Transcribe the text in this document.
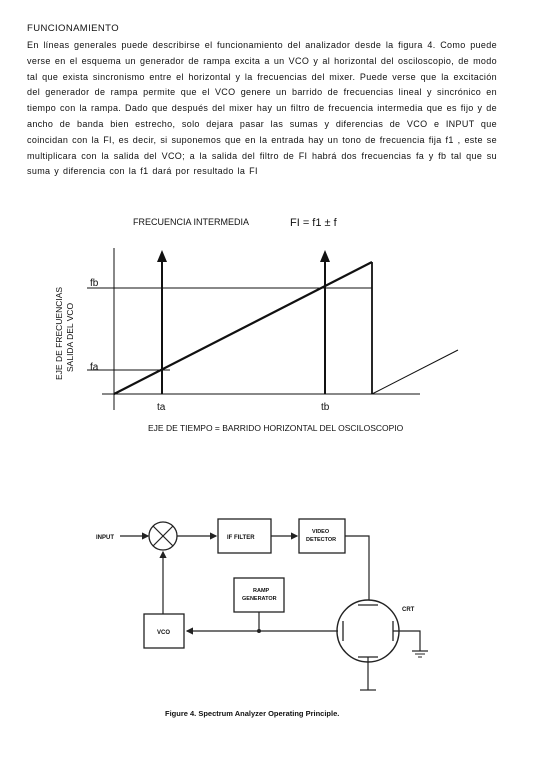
FUNCIONAMIENTO
En líneas generales puede describirse el funcionamiento del analizador desde la figura 4. Como puede verse en el esquema un generador de rampa excita a un VCO y al horizontal del osciloscopio, de modo tal que exista sincronismo entre el horizontal y la frecuencias del mixer. Puede verse que la excitación del generador de rampa permite que el VCO genere un barrido de frecuencias lineal y sincrónico en tiempo con la rampa. Dado que después del mixer hay un filtro de frecuencia intermedia que es fijo y de ancho de banda bien estrecho, solo dejara pasar las sumas y diferencias de VCO e INPUT que coincidan con la FI, es decir, si suponemos que en la entrada hay un tono de frecuencia fija f1 , este se multiplicara con la salida del VCO; a la salida del filtro de FI habrá dos frecuencias fa y fb tal que su suma y diferencia con la f1 dará por resultado la FI
FRECUENCIA INTERMEDIA	FI = f1 ± f
EJE DE FRECUENCIAS SALIDA DEL VCO
fb
fa
ta	tb
EJE DE TIEMPO = BARRIDO HORIZONTAL DEL OSCILOSCOPIO
INPUT	IF FILTER
VIDEO
DETECTOR
RAMP
GENERATOR
VCO
CRT
Figure 4. Spectrum Analyzer Operating Principle.
